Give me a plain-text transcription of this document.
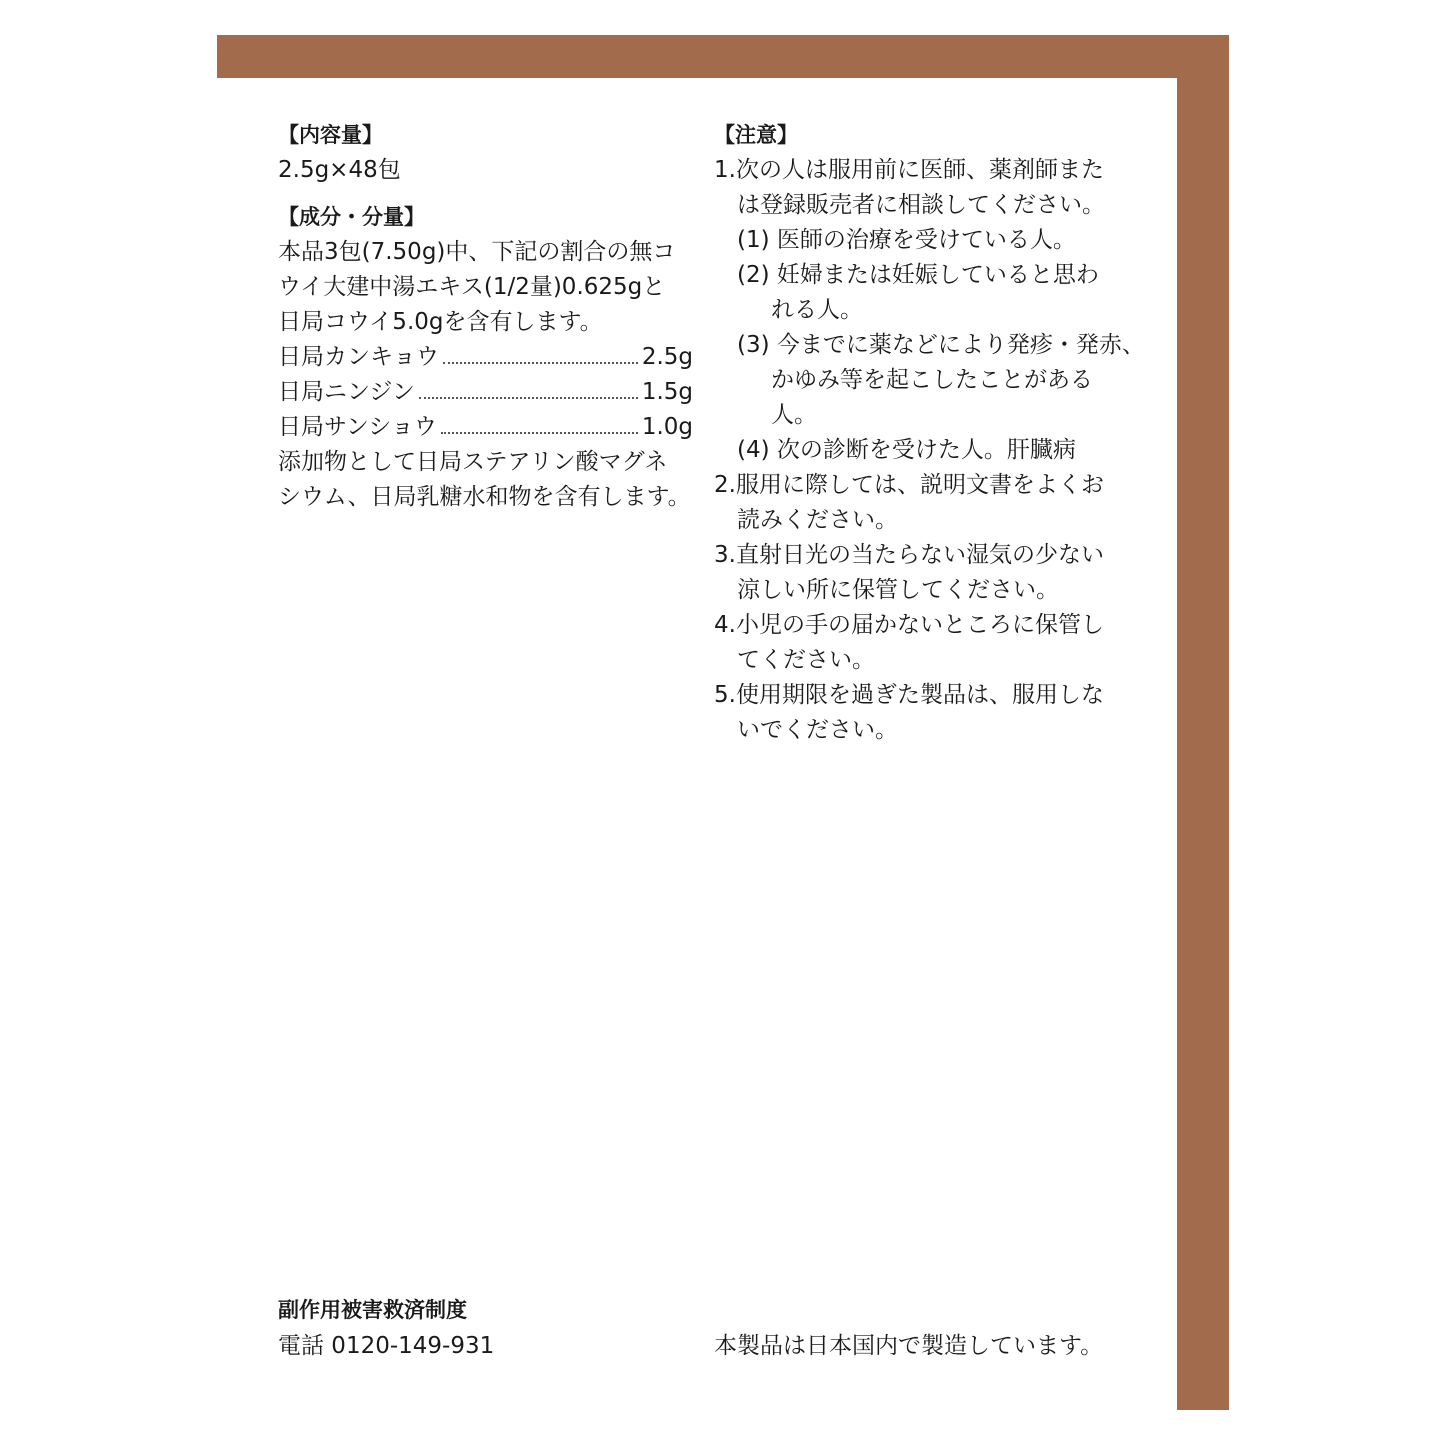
【内容量】
2.5g×48包
【成分・分量】
本品3包(7.50g)中、下記の割合の無コ
ウイ大建中湯エキス(1/2量)0.625gと
日局コウイ5.0gを含有します。
日局カンキョウ	2.5g
日局ニンジン	1.5g
日局サンショウ	1.0g
添加物として日局ステアリン酸マグネ
シウム、日局乳糖水和物を含有します。
【注意】
1.次の人は服用前に医師、薬剤師また
は登録販売者に相談してください。
(1) 医師の治療を受けている人。
(2) 妊婦または妊娠していると思わ
れる人。
(3) 今までに薬などにより発疹・発赤、
かゆみ等を起こしたことがある
人。
(4) 次の診断を受けた人。肝臓病
2.服用に際しては、説明文書をよくお
読みください。
3.直射日光の当たらない湿気の少ない
涼しい所に保管してください。
4.小児の手の届かないところに保管し
てください。
5.使用期限を過ぎた製品は、服用しな
いでください。
副作用被害救済制度
電話 0120-149-931	本製品は日本国内で製造しています。
